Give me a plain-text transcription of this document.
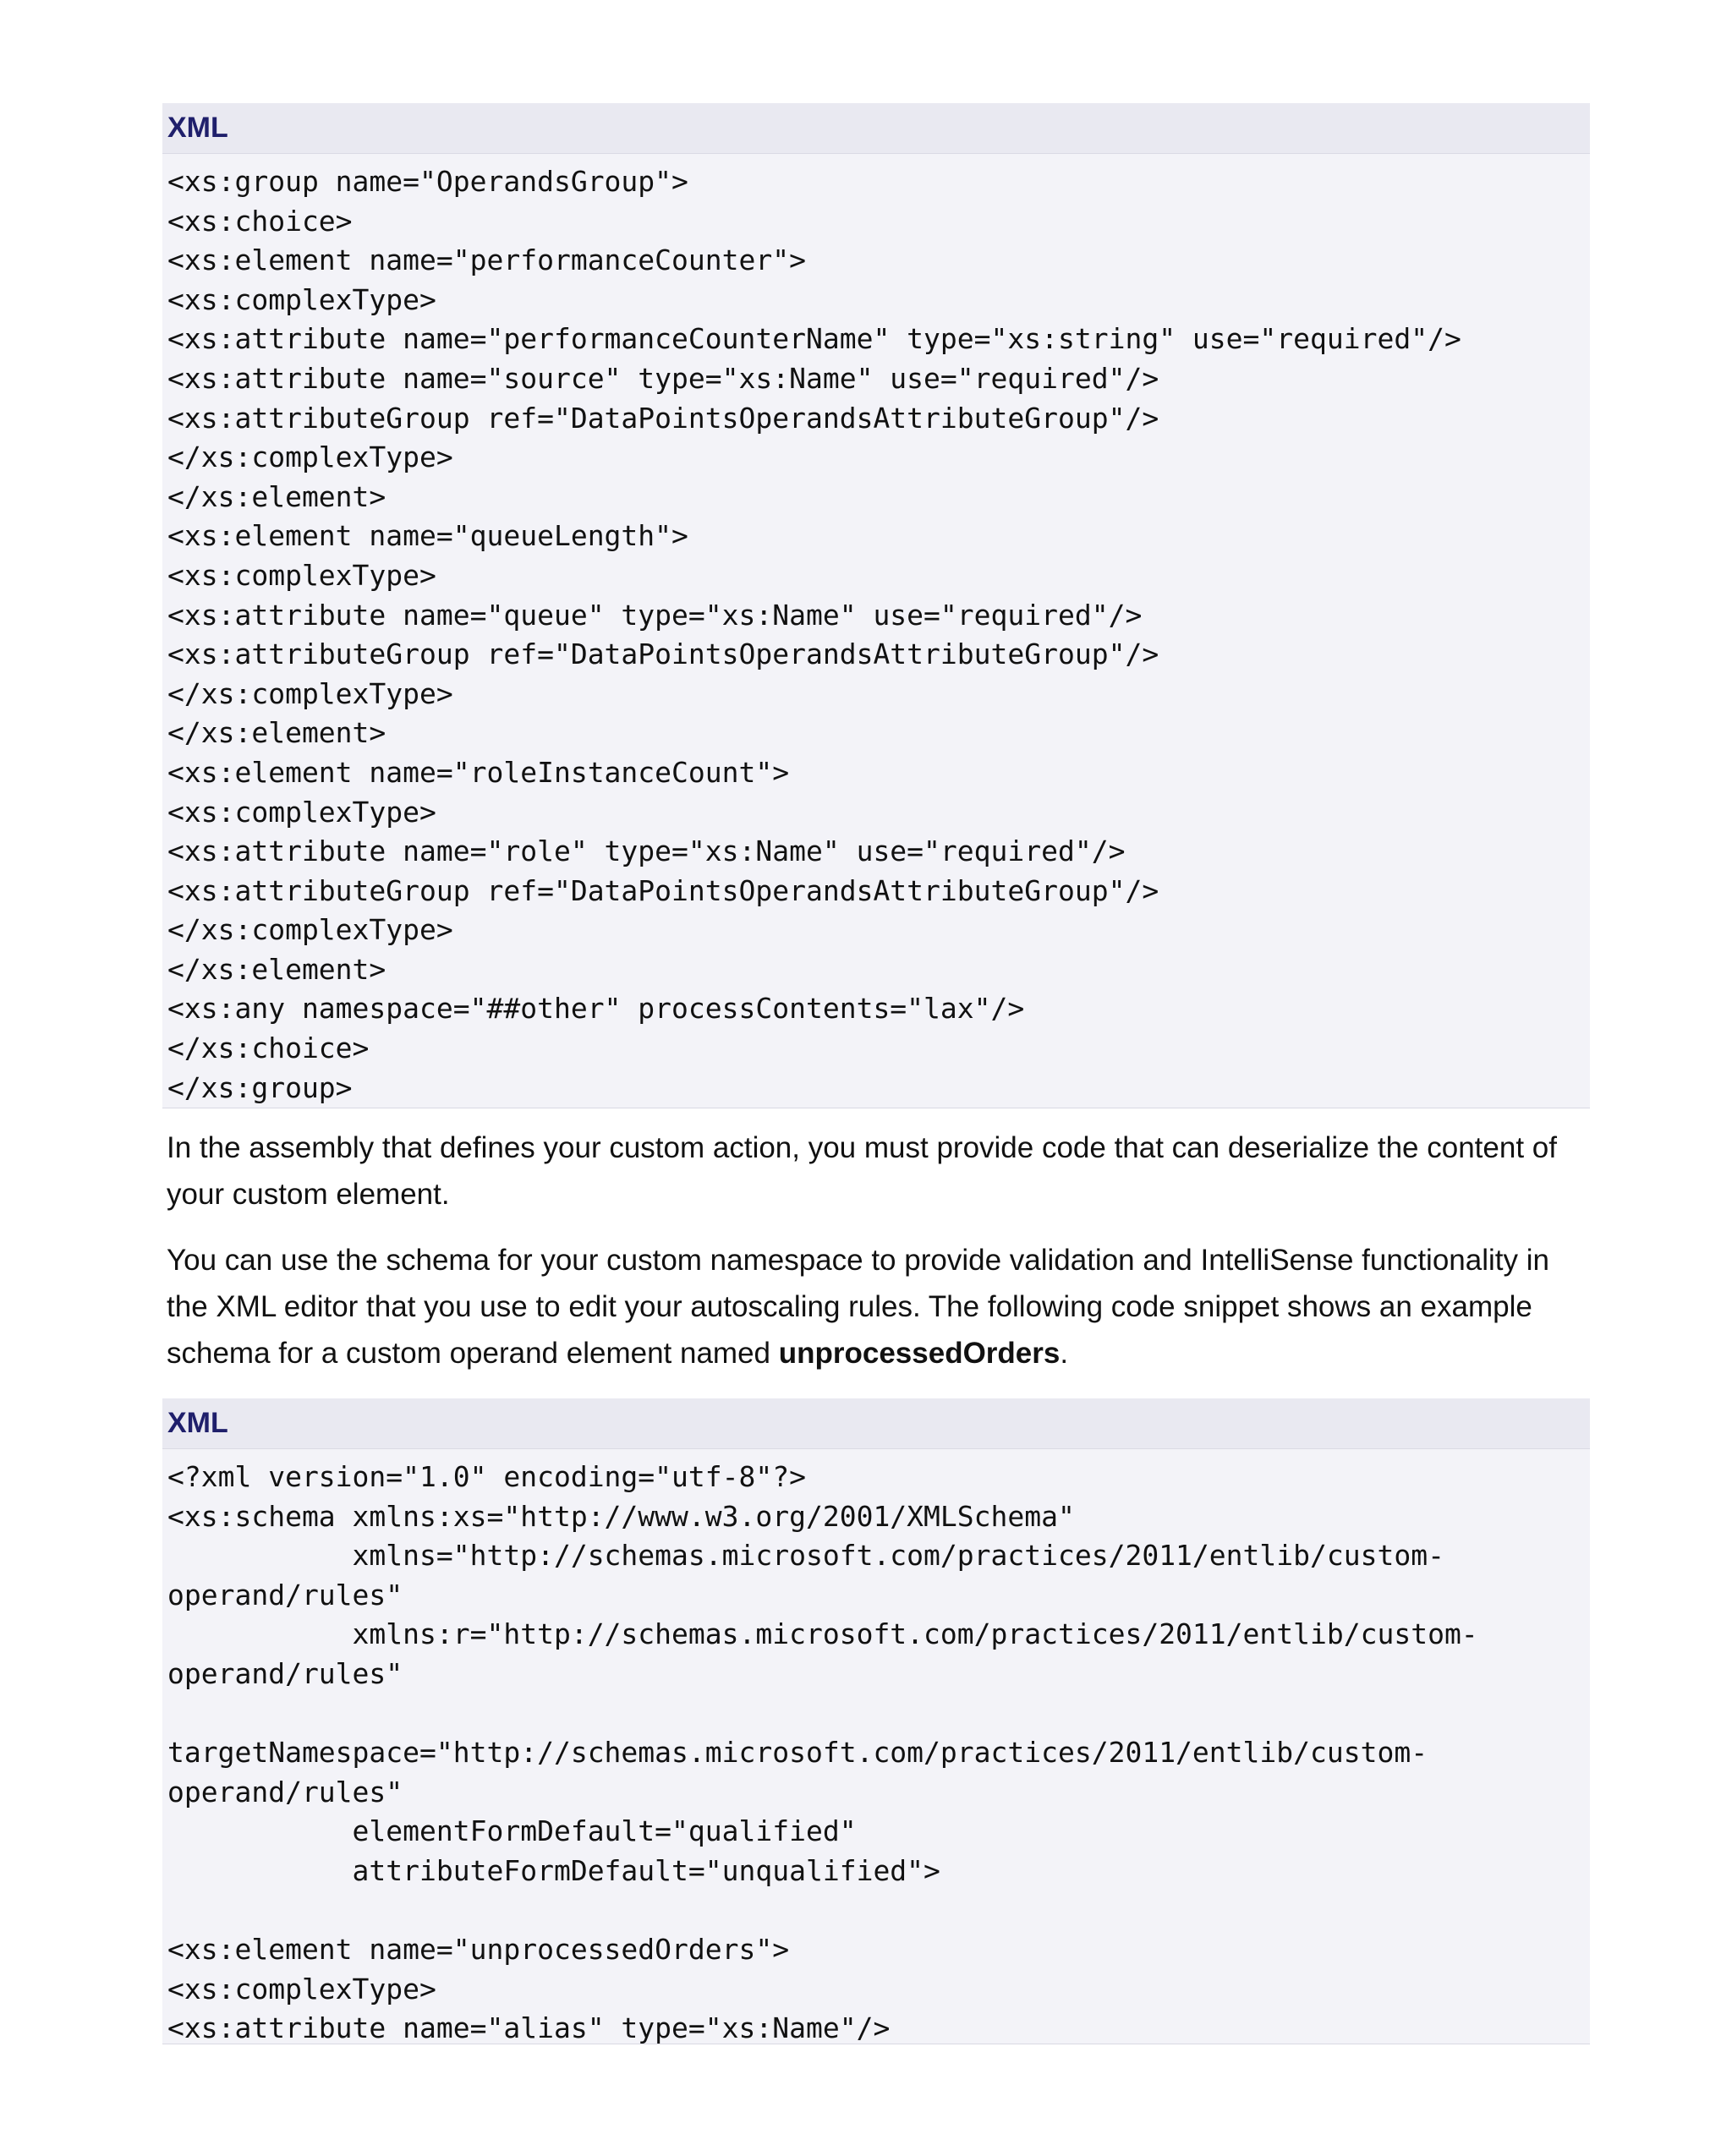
XML
<xs:group name="OperandsGroup">
<xs:choice>
<xs:element name="performanceCounter">
<xs:complexType>
<xs:attribute name="performanceCounterName" type="xs:string" use="required"/>
<xs:attribute name="source" type="xs:Name" use="required"/>
<xs:attributeGroup ref="DataPointsOperandsAttributeGroup"/>
</xs:complexType>
</xs:element>
<xs:element name="queueLength">
<xs:complexType>
<xs:attribute name="queue" type="xs:Name" use="required"/>
<xs:attributeGroup ref="DataPointsOperandsAttributeGroup"/>
</xs:complexType>
</xs:element>
<xs:element name="roleInstanceCount">
<xs:complexType>
<xs:attribute name="role" type="xs:Name" use="required"/>
<xs:attributeGroup ref="DataPointsOperandsAttributeGroup"/>
</xs:complexType>
</xs:element>
<xs:any namespace="##other" processContents="lax"/>
</xs:choice>
</xs:group>

In the assembly that defines your custom action, you must provide code that can deserialize the content of your custom element.

You can use the schema for your custom namespace to provide validation and IntelliSense functionality in the XML editor that you use to edit your autoscaling rules. The following code snippet shows an example schema for a custom operand element named unprocessedOrders.

XML
<?xml version="1.0" encoding="utf-8"?>
<xs:schema xmlns:xs="http://www.w3.org/2001/XMLSchema"
xmlns="http://schemas.microsoft.com/practices/2011/entlib/custom-
operand/rules"
xmlns:r="http://schemas.microsoft.com/practices/2011/entlib/custom-
operand/rules"

targetNamespace="http://schemas.microsoft.com/practices/2011/entlib/custom-
operand/rules"
elementFormDefault="qualified"
attributeFormDefault="unqualified">

<xs:element name="unprocessedOrders">
<xs:complexType>
<xs:attribute name="alias" type="xs:Name"/>
